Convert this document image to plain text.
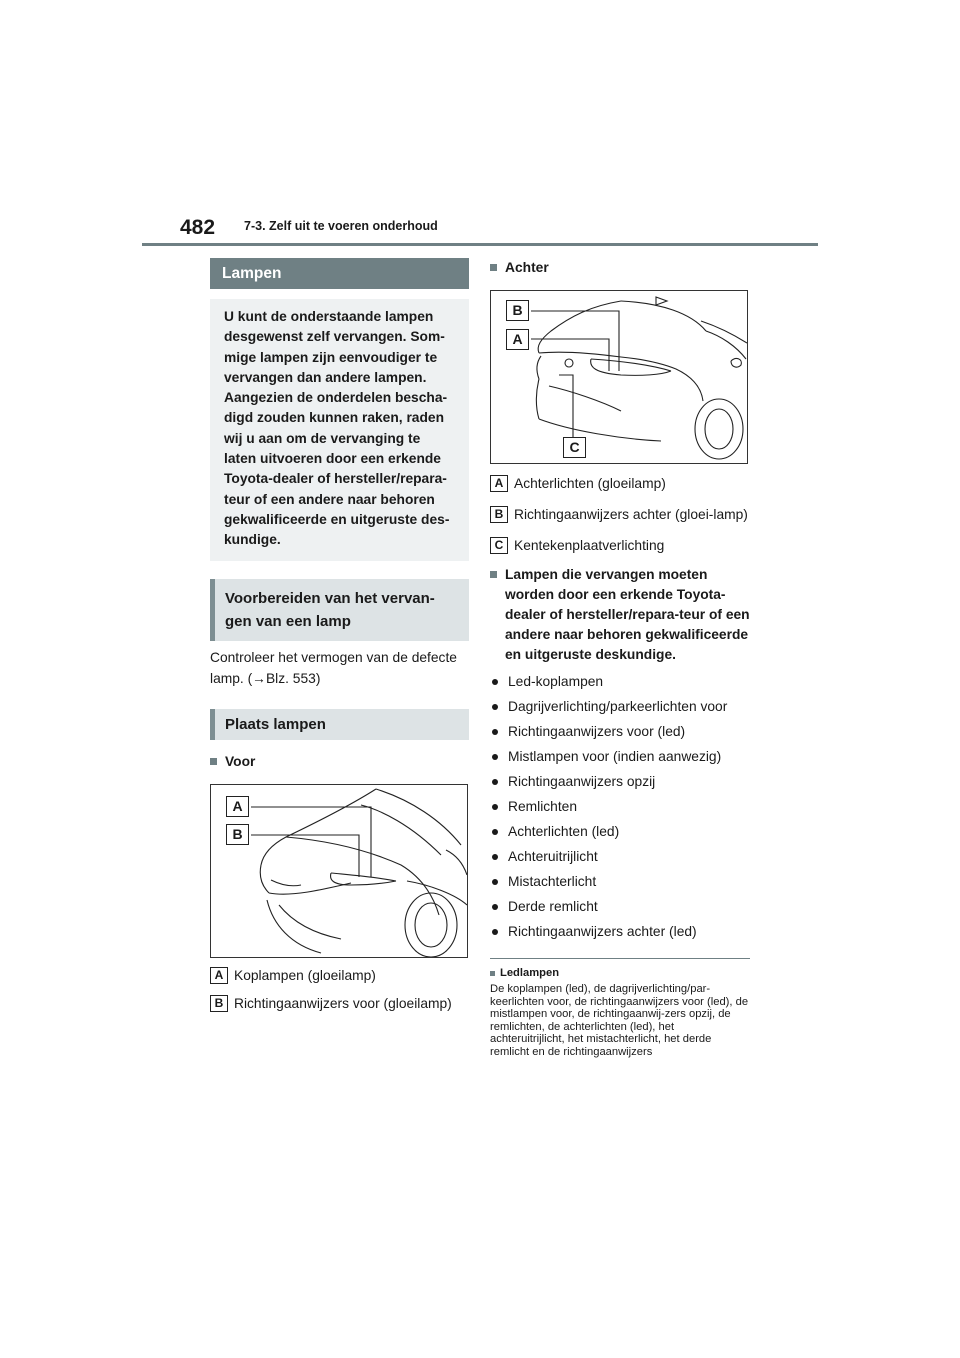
482 7-3. Zelf uit te voeren onderhoud
Lampen
U kunt de onderstaande lampen desgewenst zelf vervangen. Som-mige lampen zijn eenvoudiger te vervangen dan andere lampen. Aangezien de onderdelen bescha-digd zouden kunnen raken, raden wij u aan om de vervanging te laten uitvoeren door een erkende Toyota-dealer of hersteller/repara-teur of een andere naar behoren gekwalificeerde en uitgeruste des-kundige.
Voorbereiden van het vervan-gen van een lamp
Controleer het vermogen van de defecte lamp. (→Blz. 553)
Plaats lampen
Voor
A
B
A Koplampen (gloeilamp)
B Richtingaanwijzers voor (gloeilamp)
Achter
B
A
C
A Achterlichten (gloeilamp)
B Richtingaanwijzers achter (gloei-lamp)
C Kentekenplaatverlichting
Lampen die vervangen moeten worden door een erkende Toyota-dealer of hersteller/repara-teur of een andere naar behoren gekwalificeerde en uitgeruste deskundige.
Led-koplampen
Dagrijverlichting/parkeerlichten voor
Richtingaanwijzers voor (led)
Mistlampen voor (indien aanwezig)
Richtingaanwijzers opzij
Remlichten
Achterlichten (led)
Achteruitrijlicht
Mistachterlicht
Derde remlicht
Richtingaanwijzers achter (led)
Ledlampen
De koplampen (led), de dagrijverlichting/par-keerlichten voor, de richtingaanwijzers voor (led), de mistlampen voor, de richtingaanwij-zers opzij, de remlichten, de achterlichten (led), het achteruitrijlicht, het mistachterlicht, het derde remlicht en de richtingaanwijzers
